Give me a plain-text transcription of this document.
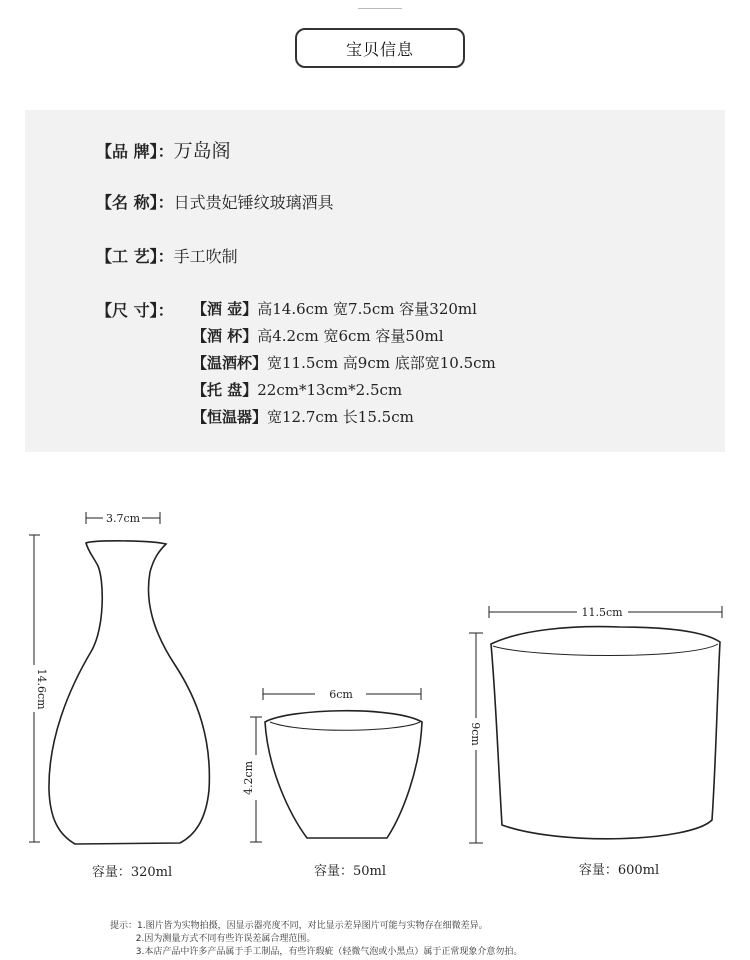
宝贝信息
【品 牌】：万岛阁
【名 称】：日式贵妃锤纹玻璃酒具
【工 艺】：手工吹制
【尺 寸】： 【酒 壶】高14.6cm 宽7.5cm 容量320ml
【酒 杯】高4.2cm 宽6cm 容量50ml
【温酒杯】宽11.5cm 高9cm 底部宽10.5cm
【托 盘】22cm*13cm*2.5cm
【恒温器】宽12.7cm 长15.5cm
3.7cm
14.6cm	6cm
4.2cm
11.5cm
9cm
容量：320ml	容量：50ml	容量：600ml
提示：1.图片皆为实物拍摄，因显示器亮度不同，对比显示差异图片可能与实物存在细微差异。
2.因为测量方式不同有些许误差属合理范围。
3.本店产品中许多产品属于手工制品，有些许瑕疵（轻微气泡或小黑点）属于正常现象介意勿拍。
